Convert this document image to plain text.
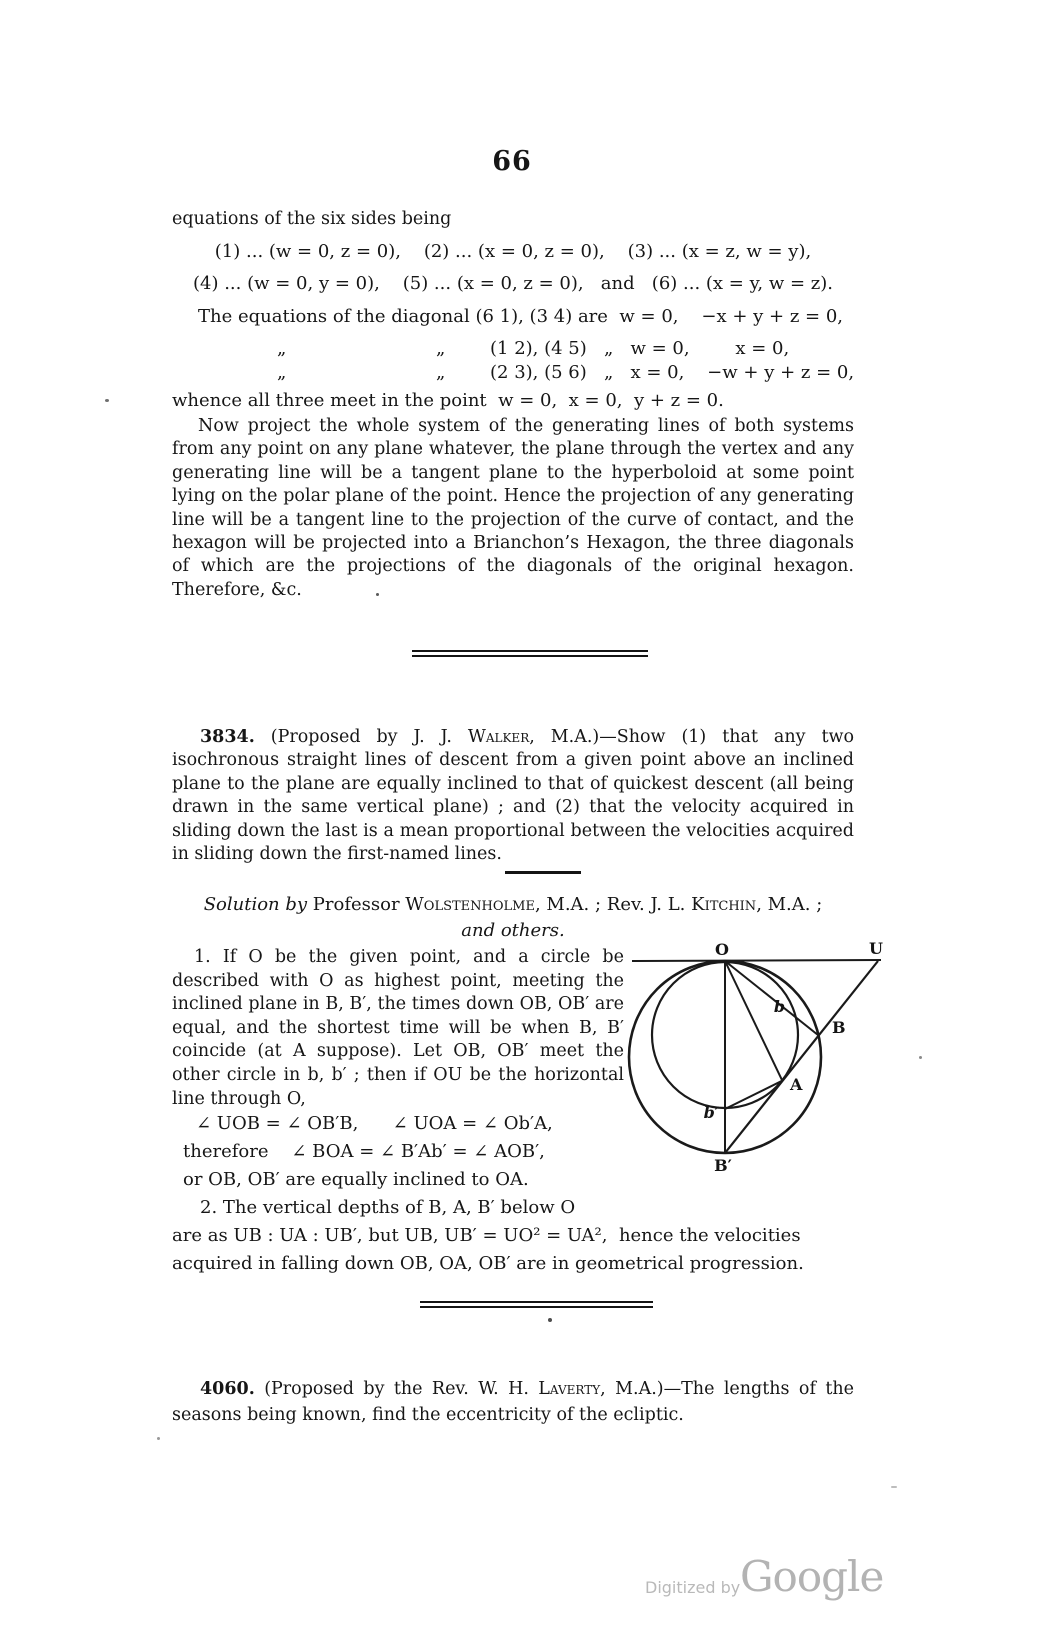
66
equations of the six sides being
(1) ... (w = 0, z = 0),    (2) ... (x = 0, z = 0),    (3) ... (x = z, w = y),
(4) ... (w = 0, y = 0),    (5) ... (x = 0, z = 0),   and   (6) ... (x = y, w = z).
The equations of the diagonal (6 1), (3 4) are  w = 0,    −x + y + z = 0,
„	„ (1 2), (4 5)   „   w = 0,        x = 0,
„	„ (2 3), (5 6)   „   x = 0,    −w + y + z = 0,
whence all three meet in the point  w = 0,  x = 0,  y + z = 0.
Now project the whole system of the generating lines of both systems from any point on any plane whatever, the plane through the vertex and any generating line will be a tangent plane to the hyperboloid at some point lying on the polar plane of the point. Hence the projection of any generating line will be a tangent line to the projection of the curve of contact, and the hexagon will be projected into a Brianchon’s Hexagon, the three diagonals of which are the projections of the diagonals of the original hexagon. Therefore, &c.
3834. (Proposed by J. J. Walker, M.A.)—Show (1) that any two isochronous straight lines of descent from a given point above an inclined plane to the plane are equally inclined to that of quickest descent (all being drawn in the same vertical plane) ; and (2) that the velocity acquired in sliding down the last is a mean proportional between the velocities acquired in sliding down the first-named lines.
Solution by Professor Wolstenholme, M.A. ; Rev. J. L. Kitchin, M.A. ;
and others.
1. If O be the given point, and a circle be described with O as highest point, meeting the inclined plane in B, B′, the times down OB, OB′ are equal, and the shortest time will be when B, B′ coincide (at A suppose). Let OB, OB′ meet the other circle in b, b′ ; then if OU be the horizontal line through O,
∠ UOB = ∠ OB′B,      ∠ UOA = ∠ Ob′A,
therefore    ∠ BOA = ∠ B′Ab′ = ∠ AOB′,
or OB, OB′ are equally inclined to OA.
2. The vertical depths of B, A, B′ below O
are as UB : UA : UB′, but UB, UB′ = UO² = UA²,  hence the velocities
acquired in falling down OB, OA, OB′ are in geometrical progression.
O	U
b
B
A
b′
B′
4060. (Proposed by the Rev. W. H. Laverty, M.A.)—The lengths of the seasons being known, find the eccentricity of the ecliptic.
Digitized by Google
